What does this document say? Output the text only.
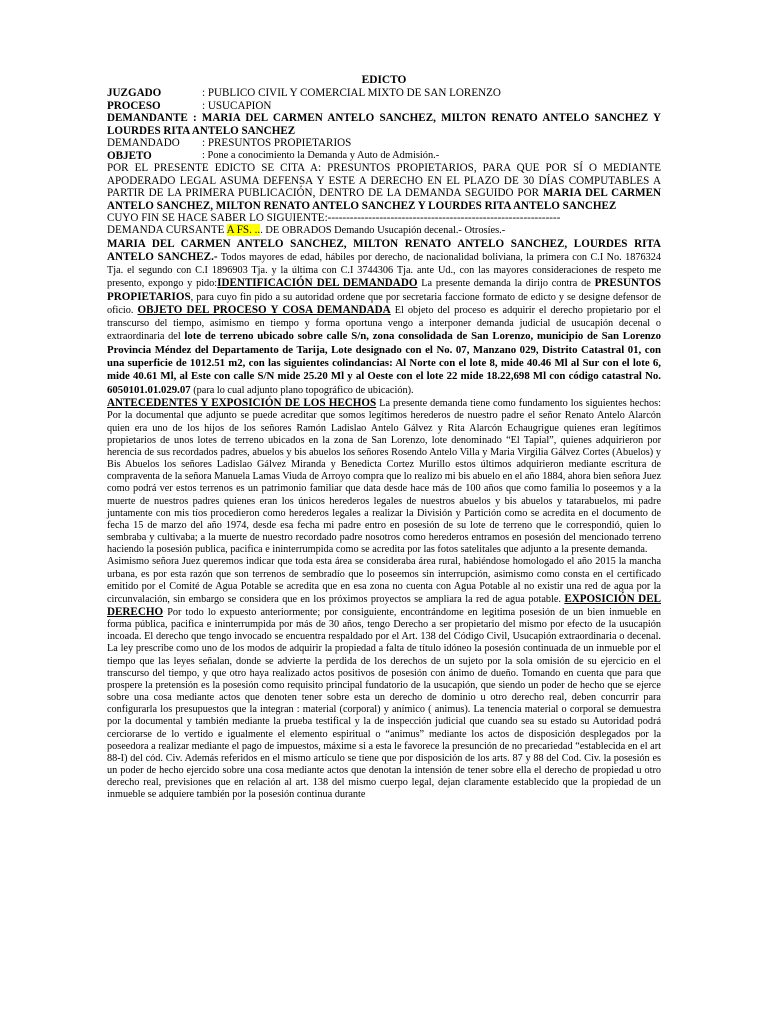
EDICTO
JUZGADO	: PUBLICO CIVIL Y COMERCIAL MIXTO DE SAN LORENZO
PROCESO	: USUCAPION

DEMANDANTE : MARIA DEL CARMEN ANTELO SANCHEZ, MILTON RENATO ANTELO SANCHEZ Y LOURDES RITA ANTELO SANCHEZ

DEMANDADO	: PRESUNTOS PROPIETARIOS
OBJETO	: Pone a conocimiento la Demanda y Auto de Admisión.-

POR EL PRESENTE EDICTO SE CITA A: PRESUNTOS PROPIETARIOS, PARA QUE POR SÍ O MEDIANTE APODERADO LEGAL ASUMA DEFENSA Y ESTE A DERECHO EN EL PLAZO DE 30 DÍAS COMPUTABLES A PARTIR DE LA PRIMERA PUBLICACIÓN, DENTRO DE LA DEMANDA SEGUIDO POR MARIA DEL CARMEN ANTELO SANCHEZ, MILTON RENATO ANTELO SANCHEZ Y LOURDES RITA ANTELO SANCHEZ

CUYO FIN SE HACE SABER LO SIGUIENTE:---------------------------------------------------------------

DEMANDA CURSANTE A FS. ... DE OBRADOS Demando Usucapión decenal.- Otrosíes.-

MARIA DEL CARMEN ANTELO SANCHEZ, MILTON RENATO ANTELO SANCHEZ, LOURDES RITA ANTELO SANCHEZ.- Todos mayores de edad, hábiles por derecho, de nacionalidad boliviana, la primera con C.I No. 1876324 Tja. el segundo con C.I 1896903 Tja. y la última con C.I 3744306 Tja. ante Ud., con las mayores consideraciones de respeto me presento, expongo y pido:IDENTIFICACIÓN DEL DEMANDADO La presente demanda la dirijo contra de PRESUNTOS PROPIETARIOS, para cuyo fin pido a su autoridad ordene que por secretaria faccione formato de edicto y se designe defensor de oficio. OBJETO DEL PROCESO Y COSA DEMANDADA El objeto del proceso es adquirir el derecho propietario por el transcurso del tiempo, asimismo en tiempo y forma oportuna vengo a interponer demanda judicial de usucapión decenal o extraordinaria del lote de terreno ubicado sobre calle S/n, zona consolidada de San Lorenzo, municipio de San Lorenzo Provincia Méndez del Departamento de Tarija, Lote designado con el No. 07, Manzano 029, Distrito Catastral 01, con una superficie de 1012.51 m2, con las siguientes colindancias: Al Norte con el lote 8, mide 40.46 Ml al Sur con el lote 6, mide 40.61 Ml, al Este con calle S/N mide 25.20 Ml y al Oeste con el lote 22 mide 18.22,698 Ml con código catastral No. 6050101.01.029.07 (para lo cual adjunto plano topográfico de ubicación).

ANTECEDENTES Y EXPOSICIÓN DE LOS HECHOS La presente demanda tiene como fundamento los siguientes hechos: Por la documental que adjunto se puede acreditar que somos legítimos herederos de nuestro padre el señor Renato Antelo Alarcón quien era uno de los hijos de los señores Ramón Ladislao Antelo Gálvez y Rita Alarcón Echaugrigue quienes eran legítimos propietarios de unos lotes de terreno ubicados en la zona de San Lorenzo, lote denominado “El Tapial”, quienes adquirieron por herencia de sus recordados padres, abuelos y bis abuelos los señores Rosendo Antelo Villa y Maria Virgilia Gálvez Cortes (Abuelos) y Bis Abuelos los señores Ladislao Gálvez Miranda y Benedicta Cortez Murillo estos últimos adquirieron mediante escritura de compraventa de la señora Manuela Lamas Viuda de Arroyo compra que lo realizo mi bis abuelo en el año 1884, ahora bien señora Juez como podrá ver estos terrenos es un patrimonio familiar que data desde hace más de 100 años que como familia lo poseemos y a la muerte de nuestros padres quienes eran los únicos herederos legales de nuestros abuelos y bis abuelos y tatarabuelos, mi padre juntamente con mis tíos procedieron como herederos legales a realizar la División y Partición como se acredita en el documento de fecha 15 de marzo del año 1974, desde esa fecha mi padre entro en posesión de su lote de terreno que le correspondió, quien lo sembraba y cultivaba; a la muerte de nuestro recordado padre nosotros como herederos entramos en posesión del mencionado terreno haciendo la posesión publica, pacifica e ininterrumpida como se acredita por las fotos satelitales que adjunto a la presente demanda.

Asimismo señora Juez queremos indicar que toda esta área se consideraba área rural, habiéndose homologado el año 2015 la mancha urbana, es por esta razón que son terrenos de sembradío que lo poseemos sin interrupción, asimismo como consta en el certificado emitido por el Comité de Agua Potable se acredita que en esa zona no cuenta con Agua Potable al no existir una red de agua por la circunvalación, sin embargo se considera que en los próximos proyectos se ampliara la red de agua potable. EXPOSICIÓN DEL DERECHO Por todo lo expuesto anteriormente; por consiguiente, encontrándome en legitima posesión de un bien inmueble en forma pública, pacifica e ininterrumpida por más de 30 años, tengo Derecho a ser propietario del mismo por efecto de la usucapión incoada. El derecho que tengo invocado se encuentra respaldado por el Art. 138 del Código Civil, Usucapión extraordinaria o decenal. La ley prescribe como uno de los modos de adquirir la propiedad a falta de título idóneo la posesión continuada de un inmueble por el tiempo que las leyes señalan, donde se advierte la perdida de los derechos de un sujeto por la sola omisión de su ejercicio en el transcurso del tiempo, y que otro haya realizado actos positivos de posesión con ánimo de dueño. Tomando en cuenta que para que prospere la pretensión es la posesión como requisito principal fundatorio de la usucapión, que siendo un poder de hecho que se ejerce sobre una cosa mediante actos que denoten tener sobre esta un derecho de dominio u otro derecho real, deben concurrir para configurarla los presupuestos que la integran : material (corporal) y anímico ( animus). La tenencia material o corporal se demuestra por la documental y también mediante la prueba testifical y la de inspección judicial que cuando sea su estado su Autoridad podrá cerciorarse de lo vertido e igualmente el elemento espiritual o “animus” mediante los actos de disposición desplegados por la poseedora a realizar mediante el pago de impuestos, máxime si a esta le favorece la presunción de no precariedad “establecida en el art 88-I) del cód. Civ. Además referidos en el mismo artículo se tiene que por disposición de los arts. 87 y 88 del Cod. Civ. la posesión es un poder de hecho ejercido sobre una cosa mediante actos que denotan la intensión de tener sobre ella el derecho de propiedad u otro derecho real, previsiones que en relación al art. 138 del mismo cuerpo legal, dejan claramente establecido que la propiedad de un inmueble se adquiere también por la posesión continua durante
